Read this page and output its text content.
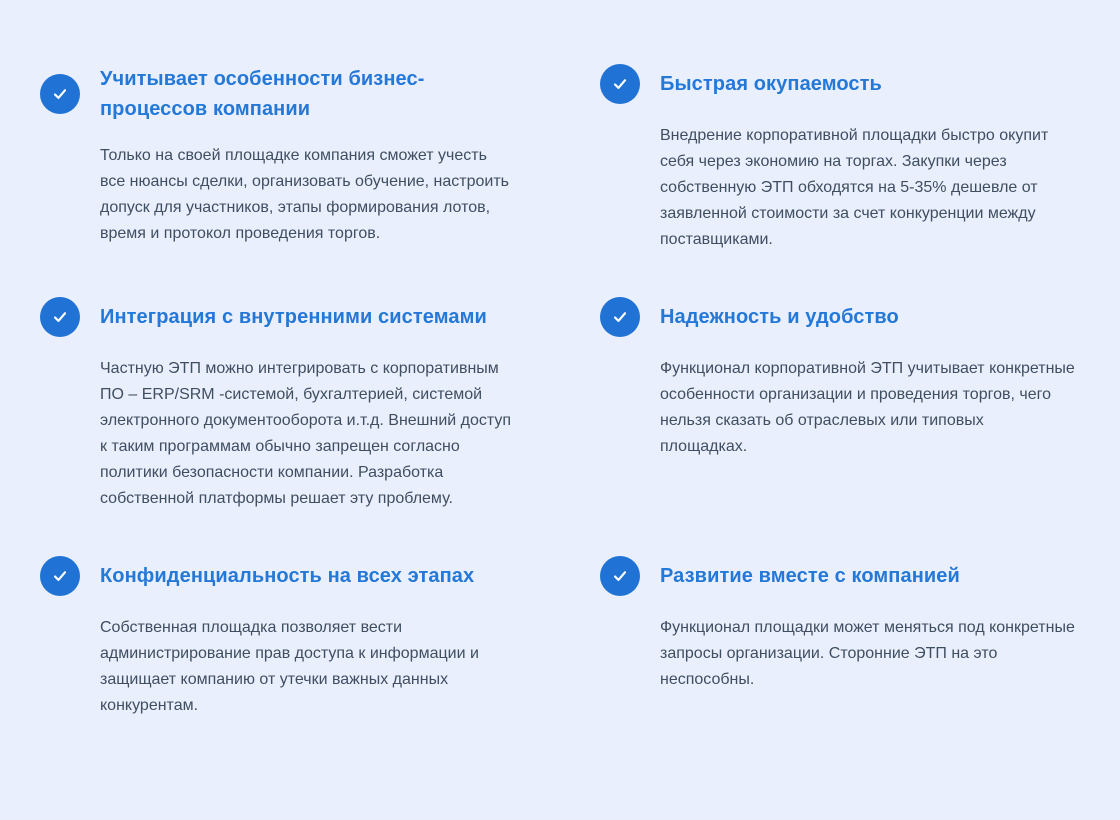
Учитывает особенности бизнес-процессов компании

Только на своей площадке компания сможет учесть все нюансы сделки, организовать обучение, настроить допуск для участников, этапы формирования лотов, время и протокол проведения торгов.

Быстрая окупаемость

Внедрение корпоративной площадки быстро окупит себя через экономию на торгах. Закупки через собственную ЭТП обходятся на 5-35% дешевле от заявленной стоимости за счет конкуренции между поставщиками.

Интеграция с внутренними системами

Частную ЭТП можно интегрировать с корпоративным ПО – ERP/SRM -системой, бухгалтерией, системой электронного документооборота и.т.д. Внешний доступ к таким программам обычно запрещен согласно политики безопасности компании. Разработка собственной платформы решает эту проблему.

Надежность и удобство

Функционал корпоративной ЭТП учитывает конкретные особенности организации и проведения торгов, чего нельзя сказать об отраслевых или типовых площадках.

Конфиденциальность на всех этапах

Собственная площадка позволяет вести администрирование прав доступа к информации и защищает компанию от утечки важных данных конкурентам.

Развитие вместе с компанией

Функционал площадки может меняться под конкретные запросы организации. Сторонние ЭТП на это неспособны.
